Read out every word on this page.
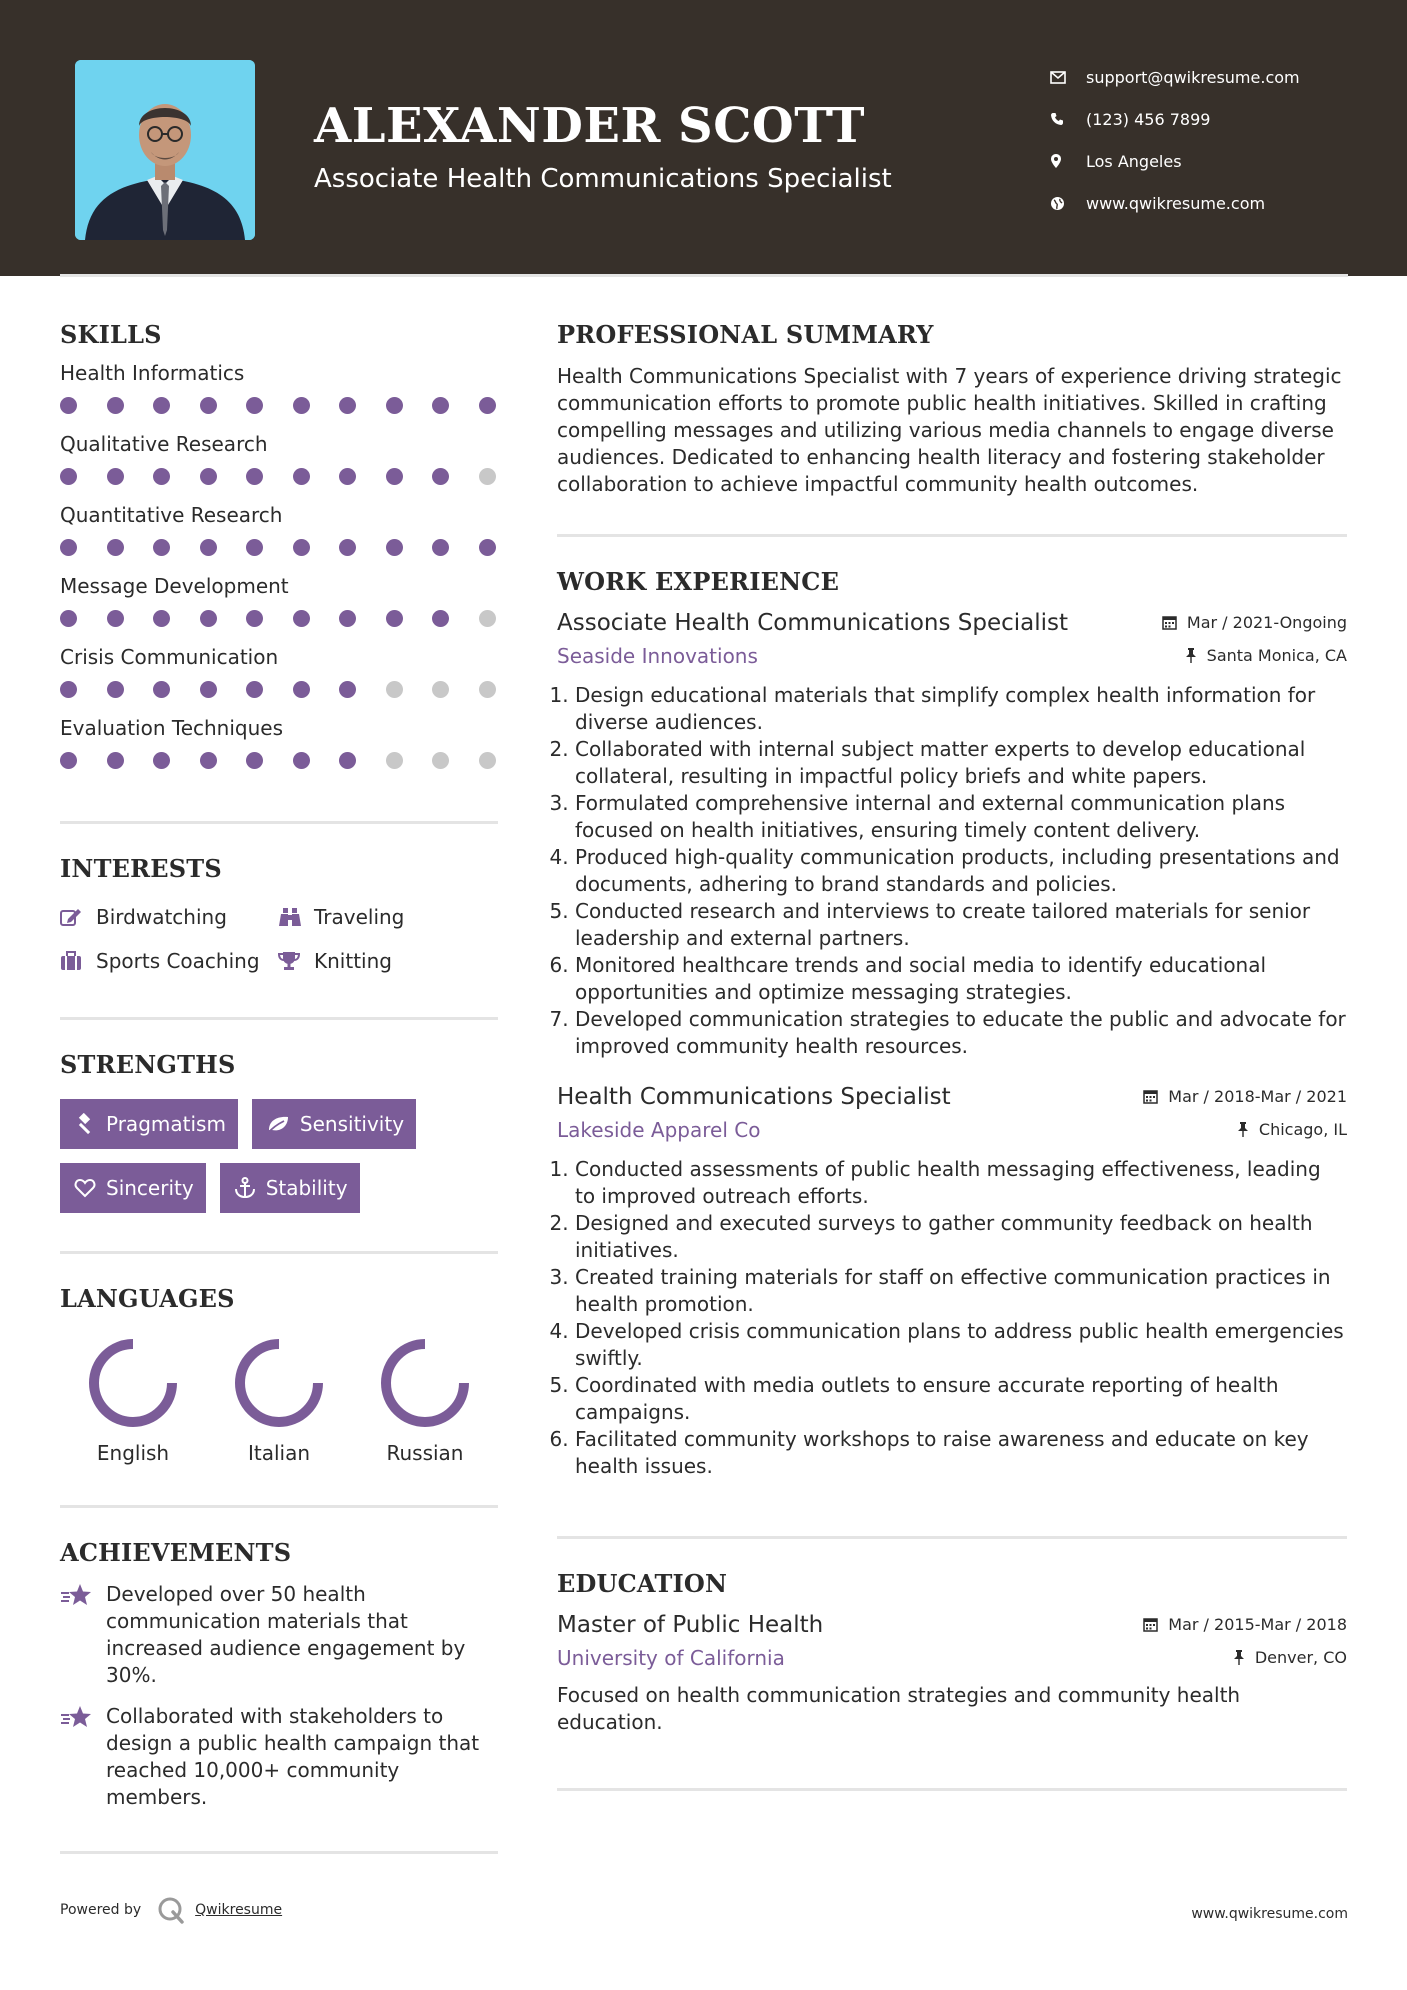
ALEXANDER SCOTT
Associate Health Communications Specialist
support@qwikresume.com
(123) 456 7899
Los Angeles
www.qwikresume.com
SKILLS
Health Informatics
Qualitative Research
Quantitative Research
Message Development
Crisis Communication
Evaluation Techniques
INTERESTS
Birdwatching	Traveling
Sports Coaching	Knitting
STRENGTHS
Pragmatism	Sensitivity
Sincerity	Stability
LANGUAGES
English	Italian	Russian
ACHIEVEMENTS
Developed over 50 health communication materials that increased audience engagement by 30%.
Collaborated with stakeholders to design a public health campaign that reached 10,000+ community members.
PROFESSIONAL SUMMARY

Health Communications Specialist with 7 years of experience driving strategic communication efforts to promote public health initiatives. Skilled in crafting compelling messages and utilizing various media channels to engage diverse audiences. Dedicated to enhancing health literacy and fostering stakeholder collaboration to achieve impactful community health outcomes.

WORK EXPERIENCE
Associate Health Communications Specialist	Mar / 2021-Ongoing
Seaside Innovations	Santa Monica, CA
1. Design educational materials that simplify complex health information for diverse audiences.
2. Collaborated with internal subject matter experts to develop educational collateral, resulting in impactful policy briefs and white papers.
3. Formulated comprehensive internal and external communication plans focused on health initiatives, ensuring timely content delivery.
4. Produced high-quality communication products, including presentations and documents, adhering to brand standards and policies.
5. Conducted research and interviews to create tailored materials for senior leadership and external partners.
6. Monitored healthcare trends and social media to identify educational opportunities and optimize messaging strategies.
7. Developed communication strategies to educate the public and advocate for improved community health resources.
Health Communications Specialist	Mar / 2018-Mar / 2021
Lakeside Apparel Co	Chicago, IL
1. Conducted assessments of public health messaging effectiveness, leading to improved outreach efforts.
2. Designed and executed surveys to gather community feedback on health initiatives.
3. Created training materials for staff on effective communication practices in health promotion.
4. Developed crisis communication plans to address public health emergencies swiftly.
5. Coordinated with media outlets to ensure accurate reporting of health campaigns.
6. Facilitated community workshops to raise awareness and educate on key health issues.
EDUCATION
Master of Public Health	Mar / 2015-Mar / 2018
University of California	Denver, CO

Focused on health communication strategies and community health education.

Powered by	Qwikresume	www.qwikresume.com
